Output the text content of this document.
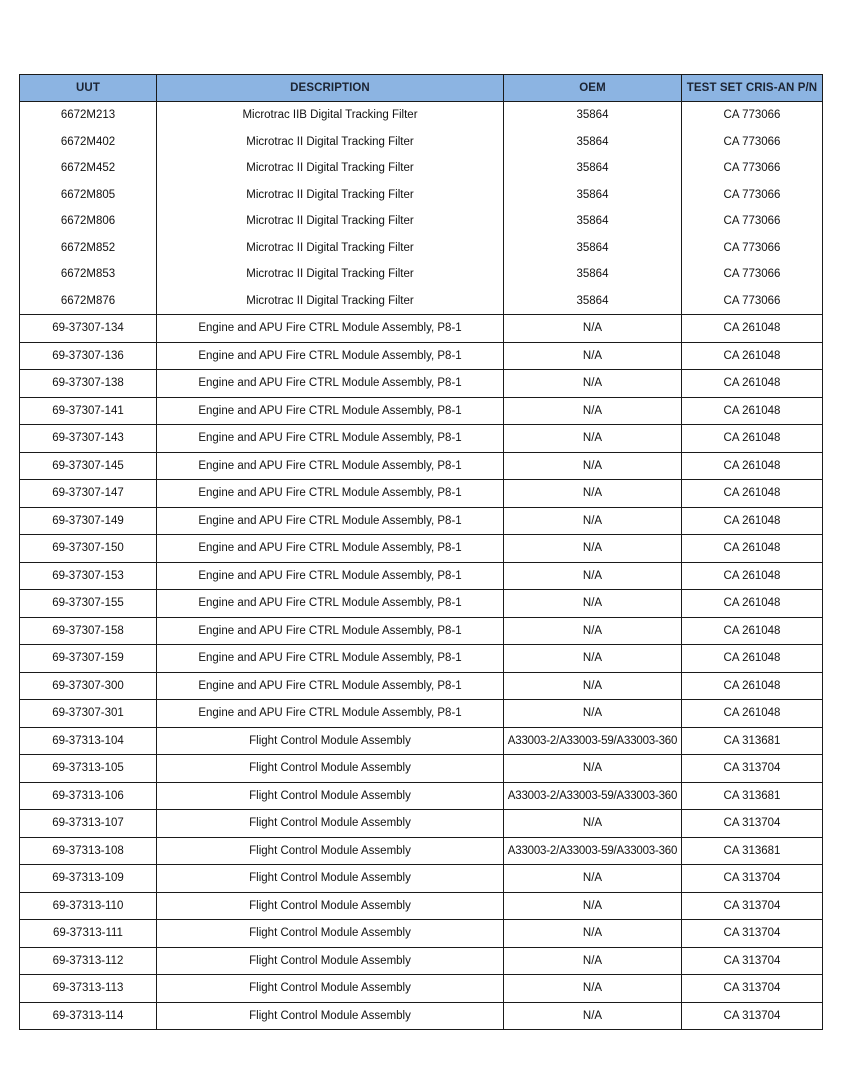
UUT	DESCRIPTION	OEM	TEST SET CRIS-AN P/N
6672M213	Microtrac IIB Digital Tracking Filter	35864	CA 773066
6672M402	Microtrac II Digital Tracking Filter	35864	CA 773066
6672M452	Microtrac II Digital Tracking Filter	35864	CA 773066
6672M805	Microtrac II Digital Tracking Filter	35864	CA 773066
6672M806	Microtrac II Digital Tracking Filter	35864	CA 773066
6672M852	Microtrac II Digital Tracking Filter	35864	CA 773066
6672M853	Microtrac II Digital Tracking Filter	35864	CA 773066
6672M876	Microtrac II Digital Tracking Filter	35864	CA 773066
69-37307-134	Engine and APU Fire CTRL Module Assembly, P8-1	N/A	CA 261048
69-37307-136	Engine and APU Fire CTRL Module Assembly, P8-1	N/A	CA 261048
69-37307-138	Engine and APU Fire CTRL Module Assembly, P8-1	N/A	CA 261048
69-37307-141	Engine and APU Fire CTRL Module Assembly, P8-1	N/A	CA 261048
69-37307-143	Engine and APU Fire CTRL Module Assembly, P8-1	N/A	CA 261048
69-37307-145	Engine and APU Fire CTRL Module Assembly, P8-1	N/A	CA 261048
69-37307-147	Engine and APU Fire CTRL Module Assembly, P8-1	N/A	CA 261048
69-37307-149	Engine and APU Fire CTRL Module Assembly, P8-1	N/A	CA 261048
69-37307-150	Engine and APU Fire CTRL Module Assembly, P8-1	N/A	CA 261048
69-37307-153	Engine and APU Fire CTRL Module Assembly, P8-1	N/A	CA 261048
69-37307-155	Engine and APU Fire CTRL Module Assembly, P8-1	N/A	CA 261048
69-37307-158	Engine and APU Fire CTRL Module Assembly, P8-1	N/A	CA 261048
69-37307-159	Engine and APU Fire CTRL Module Assembly, P8-1	N/A	CA 261048
69-37307-300	Engine and APU Fire CTRL Module Assembly, P8-1	N/A	CA 261048
69-37307-301	Engine and APU Fire CTRL Module Assembly, P8-1	N/A	CA 261048
69-37313-104	Flight Control Module Assembly	A33003-2/A33003-59/A33003-360	CA 313681
69-37313-105	Flight Control Module Assembly	N/A	CA 313704
69-37313-106	Flight Control Module Assembly	A33003-2/A33003-59/A33003-360	CA 313681
69-37313-107	Flight Control Module Assembly	N/A	CA 313704
69-37313-108	Flight Control Module Assembly	A33003-2/A33003-59/A33003-360	CA 313681
69-37313-109	Flight Control Module Assembly	N/A	CA 313704
69-37313-110	Flight Control Module Assembly	N/A	CA 313704
69-37313-111	Flight Control Module Assembly	N/A	CA 313704
69-37313-112	Flight Control Module Assembly	N/A	CA 313704
69-37313-113	Flight Control Module Assembly	N/A	CA 313704
69-37313-114	Flight Control Module Assembly	N/A	CA 313704
